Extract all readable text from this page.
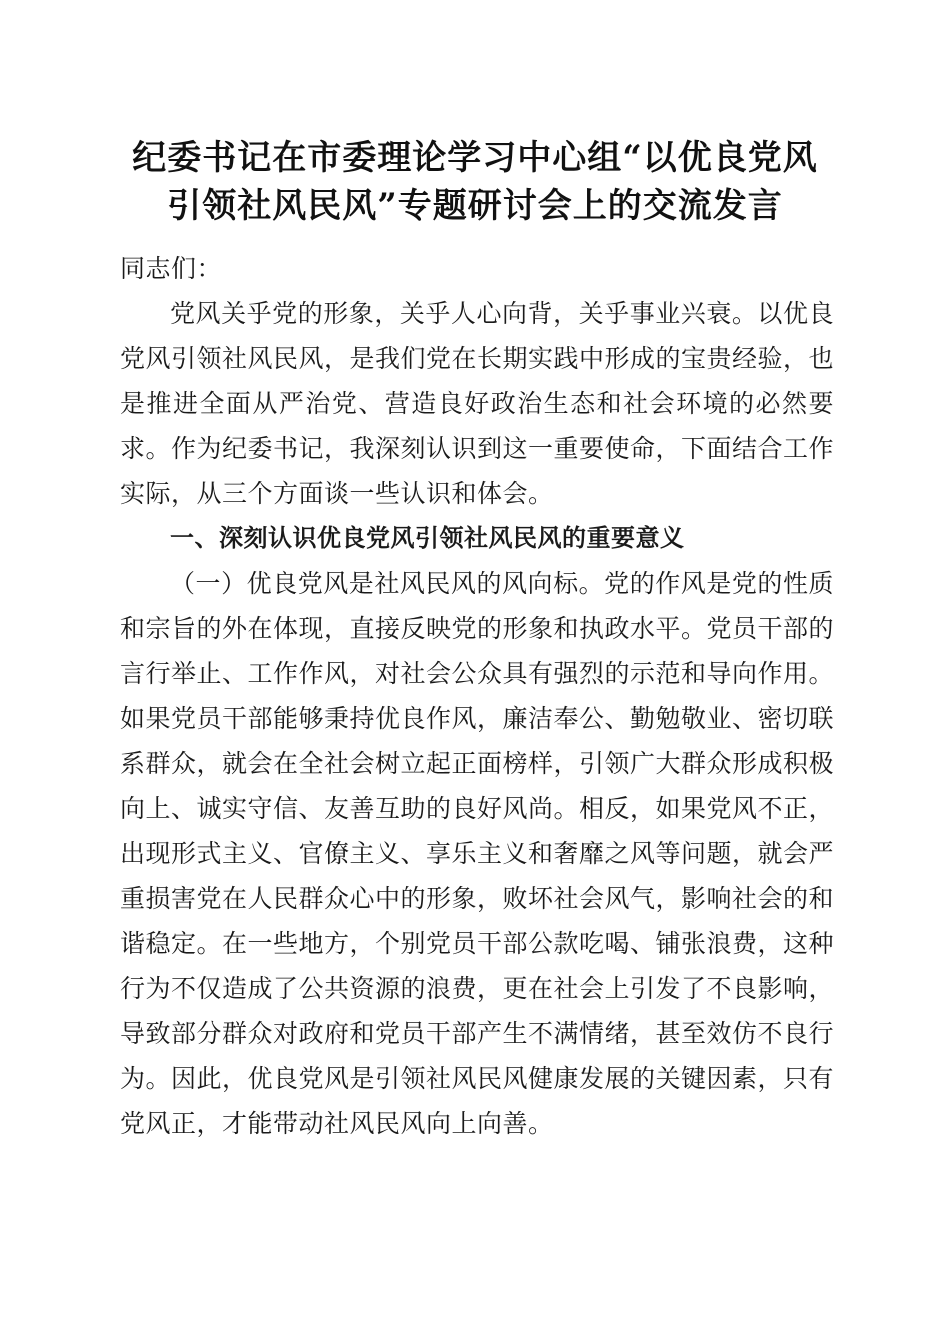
纪委书记在市委理论学习中心组“以优良党风
引领社风民风”专题研讨会上的交流发言

同志们：

党风关乎党的形象，关乎人心向背，关乎事业兴衰。以优良党风引领社风民风，是我们党在长期实践中形成的宝贵经验，也是推进全面从严治党、营造良好政治生态和社会环境的必然要求。作为纪委书记，我深刻认识到这一重要使命，下面结合工作实际，从三个方面谈一些认识和体会。

一、深刻认识优良党风引领社风民风的重要意义

（一）优良党风是社风民风的风向标。党的作风是党的性质和宗旨的外在体现，直接反映党的形象和执政水平。党员干部的言行举止、工作作风，对社会公众具有强烈的示范和导向作用。如果党员干部能够秉持优良作风，廉洁奉公、勤勉敬业、密切联系群众，就会在全社会树立起正面榜样，引领广大群众形成积极向上、诚实守信、友善互助的良好风尚。相反，如果党风不正，出现形式主义、官僚主义、享乐主义和奢靡之风等问题，就会严重损害党在人民群众心中的形象，败坏社会风气，影响社会的和谐稳定。在一些地方，个别党员干部公款吃喝、铺张浪费，这种行为不仅造成了公共资源的浪费，更在社会上引发了不良影响，导致部分群众对政府和党员干部产生不满情绪，甚至效仿不良行为。因此，优良党风是引领社风民风健康发展的关键因素，只有党风正，才能带动社风民风向上向善。
